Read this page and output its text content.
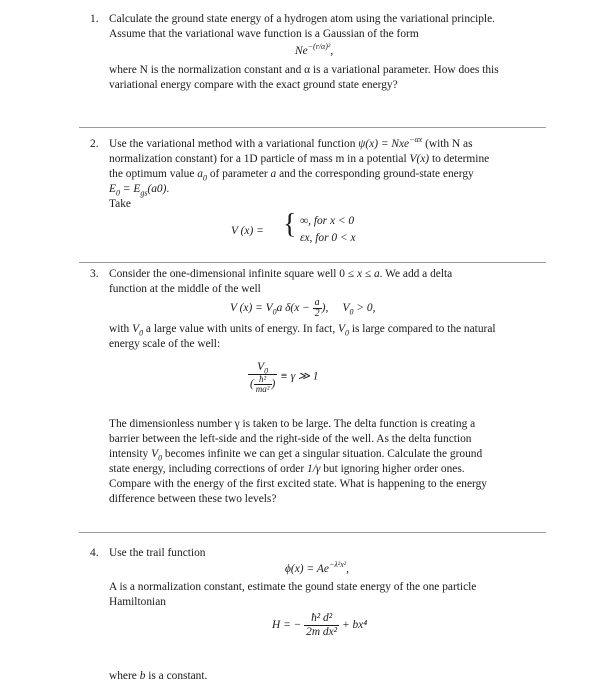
1. Calculate the ground state energy of a hydrogen atom using the variational principle.
Assume that the variational wave function is a Gaussian of the form
$Ne^{-(r/\alpha)^2}$,
where N is the normalization constant and α is a variational parameter. How does this
variational energy compare with the exact ground state energy?
2. Use the variational method with a variational function ψ(x) = Nxe$^{-\alpha x}$ (with N as
normalization constant) for a 1D particle of mass m in a potential V(x) to determine
the optimum value $a_0$ of parameter a and the corresponding ground-state energy
$E_0 = E_{gs}(a0)$.
Take
V (x) = { ∞, for x < 0
εx, for 0 < x
3. Consider the one-dimensional infinite square well 0 ≤ x ≤ a. We add a delta
function at the middle of the well
V $(x) = V_0a$ $\delta(x - \frac{a}{2}$ ),     $V_0 > 0$,
with $V_0$ a large value with units of energy. In fact, $V_0$ is large compared to the natural
energy scale of the well:
$\frac{V_0}{( \frac{\text{ħ²}}{\text{ma²}} )} \equiv \gamma$ ≫ 1
The dimensionless number γ is taken to be large. The delta function is creating a
barrier between the left-side and the right-side of the well. As the delta function
intensity $V_0$ becomes infinite we can get a singular situation. Calculate the ground
state energy, including corrections of order 1/γ but ignoring higher order ones.
Compare with the energy of the first excited state. What is happening to the energy
difference between these two levels?
4. Use the trail function
$\phi(x) = Ae^{-\lambda^2x^2}$,
A is a normalization constant, estimate the gound state energy of the one particle
Hamiltonian
H = − $\frac{\text{ħ² d²}}{\text{2m dx²}} + bx^4$
where b is a constant.
